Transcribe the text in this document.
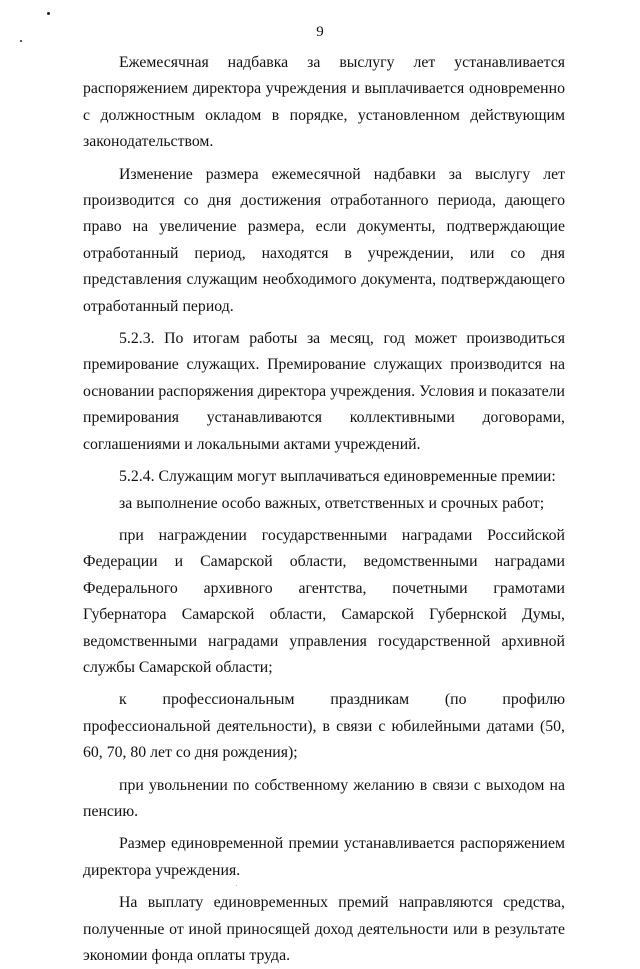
9

Ежемесячная надбавка за выслугу лет устанавливается распоряжением директора учреждения и выплачивается одновременно с должностным окладом в порядке, установленном действующим законодательством.

Изменение размера ежемесячной надбавки за выслугу лет производится со дня достижения отработанного периода, дающего право на увеличение размера, если документы, подтверждающие отработанный период, находятся в учреждении, или со дня представления служащим необходимого документа, подтверждающего отработанный период.

5.2.3. По итогам работы за месяц, год может производиться премирование служащих. Премирование служащих производится на основании распоряжения директора учреждения. Условия и показатели премирования устанавливаются коллективными договорами, соглашениями и локальными актами учреждений.

5.2.4. Служащим могут выплачиваться единовременные премии:

за выполнение особо важных, ответственных и срочных работ;

при награждении государственными наградами Российской Федерации и Самарской области, ведомственными наградами Федерального архивного агентства, почетными грамотами Губернатора Самарской области, Самарской Губернской Думы, ведомственными наградами управления государственной архивной службы Самарской области;

к профессиональным праздникам (по профилю профессиональной деятельности), в связи с юбилейными датами (50, 60, 70, 80 лет со дня рождения);

при увольнении по собственному желанию в связи с выходом на пенсию.

Размер единовременной премии устанавливается распоряжением директора учреждения.

На выплату единовременных премий направляются средства, полученные от иной приносящей доход деятельности или в результате экономии фонда оплаты труда.
